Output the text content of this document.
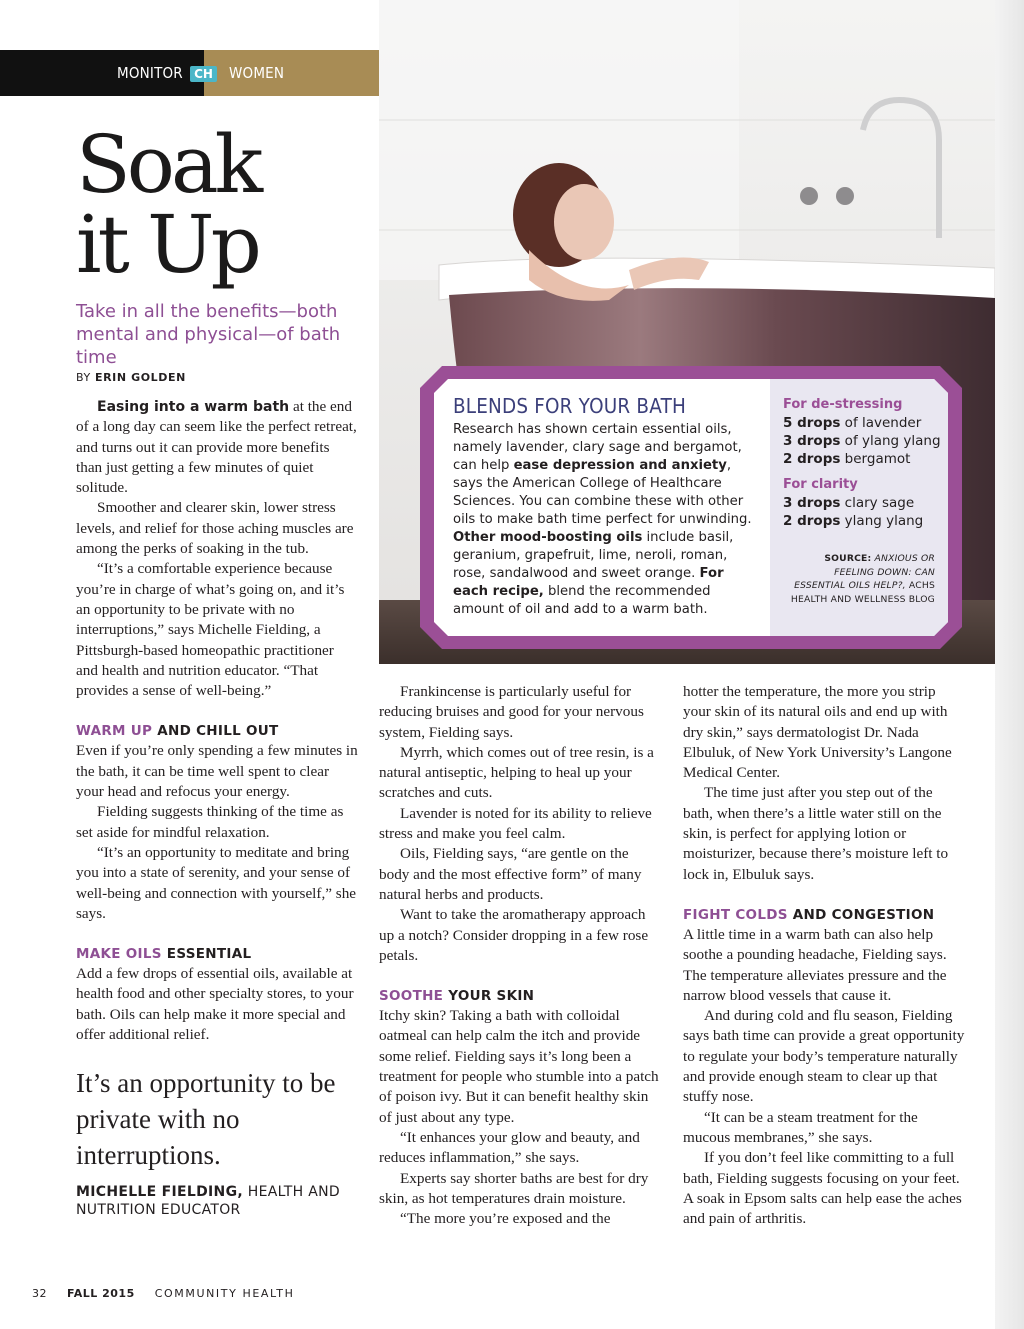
MONITOR CH WOMEN
Soak
it Up

Take in all the benefits—both mental and physical—of bath time

BY ERIN GOLDEN

Easing into a warm bath at the end of a long day can seem like the perfect retreat, and turns out it can provide more benefits than just getting a few minutes of quiet solitude.

Smoother and clearer skin, lower stress levels, and relief for those aching muscles are among the perks of soaking in the tub.

“It’s a comfortable experience because you’re in charge of what’s going on, and it’s an opportunity to be private with no interruptions,” says Michelle Fielding, a Pittsburgh-based homeopathic practitioner and health and nutrition educator. “That provides a sense of well-being.”

WARM UP AND CHILL OUT

Even if you’re only spending a few minutes in the bath, it can be time well spent to clear your head and refocus your energy.

Fielding suggests thinking of the time as set aside for mindful relaxation.

“It’s an opportunity to meditate and bring you into a state of serenity, and your sense of well-being and connection with yourself,” she says.

MAKE OILS ESSENTIAL

Add a few drops of essential oils, available at health food and other specialty stores, to your bath. Oils can help make it more special and offer additional relief.

It’s an opportunity to be private with no interruptions.
MICHELLE FIELDING, HEALTH AND NUTRITION EDUCATOR

Frankincense is particularly useful for reducing bruises and good for your nervous system, Fielding says.

Myrrh, which comes out of tree resin, is a natural antiseptic, helping to heal up your scratches and cuts.

Lavender is noted for its ability to relieve stress and make you feel calm.

Oils, Fielding says, “are gentle on the body and the most effective form” of many natural herbs and products.

Want to take the aromatherapy approach up a notch? Consider dropping in a few rose petals.

SOOTHE YOUR SKIN

Itchy skin? Taking a bath with colloidal oatmeal can help calm the itch and provide some relief. Fielding says it’s long been a treatment for people who stumble into a patch of poison ivy. But it can benefit healthy skin of just about any type.

“It enhances your glow and beauty, and reduces inflammation,” she says.

Experts say shorter baths are best for dry skin, as hot temperatures drain moisture.

“The more you’re exposed and the

hotter the temperature, the more you strip your skin of its natural oils and end up with dry skin,” says dermatologist Dr. Nada Elbuluk, of New York University’s Langone Medical Center.

The time just after you step out of the bath, when there’s a little water still on the skin, is perfect for applying lotion or moisturizer, because there’s moisture left to lock in, Elbuluk says.

FIGHT COLDS AND CONGESTION

A little time in a warm bath can also help soothe a pounding headache, Fielding says. The temperature alleviates pressure and the narrow blood vessels that cause it.

And during cold and flu season, Fielding says bath time can provide a great opportunity to regulate your body’s temperature naturally and provide enough steam to clear up that stuffy nose.

“It can be a steam treatment for the mucous membranes,” she says.

If you don’t feel like committing to a full bath, Fielding suggests focusing on your feet. A soak in Epsom salts can help ease the aches and pain of arthritis.

BLENDS FOR YOUR BATH
Research has shown certain essential oils, namely lavender, clary sage and bergamot, can help ease depression and anxiety, says the American College of Healthcare Sciences. You can combine these with other oils to make bath time perfect for unwinding. Other mood-boosting oils include basil, geranium, grapefruit, lime, neroli, roman, rose, sandalwood and sweet orange. For each recipe, blend the recommended amount of oil and add to a warm bath.
For de-stressing
5 drops of lavender
3 drops of ylang ylang
2 drops bergamot
For clarity
3 drops clary sage
2 drops ylang ylang
SOURCE: ANXIOUS OR FEELING DOWN: CAN ESSENTIAL OILS HELP?, ACHS HEALTH AND WELLNESS BLOG
32 FALL 2015 COMMUNITY HEALTH
